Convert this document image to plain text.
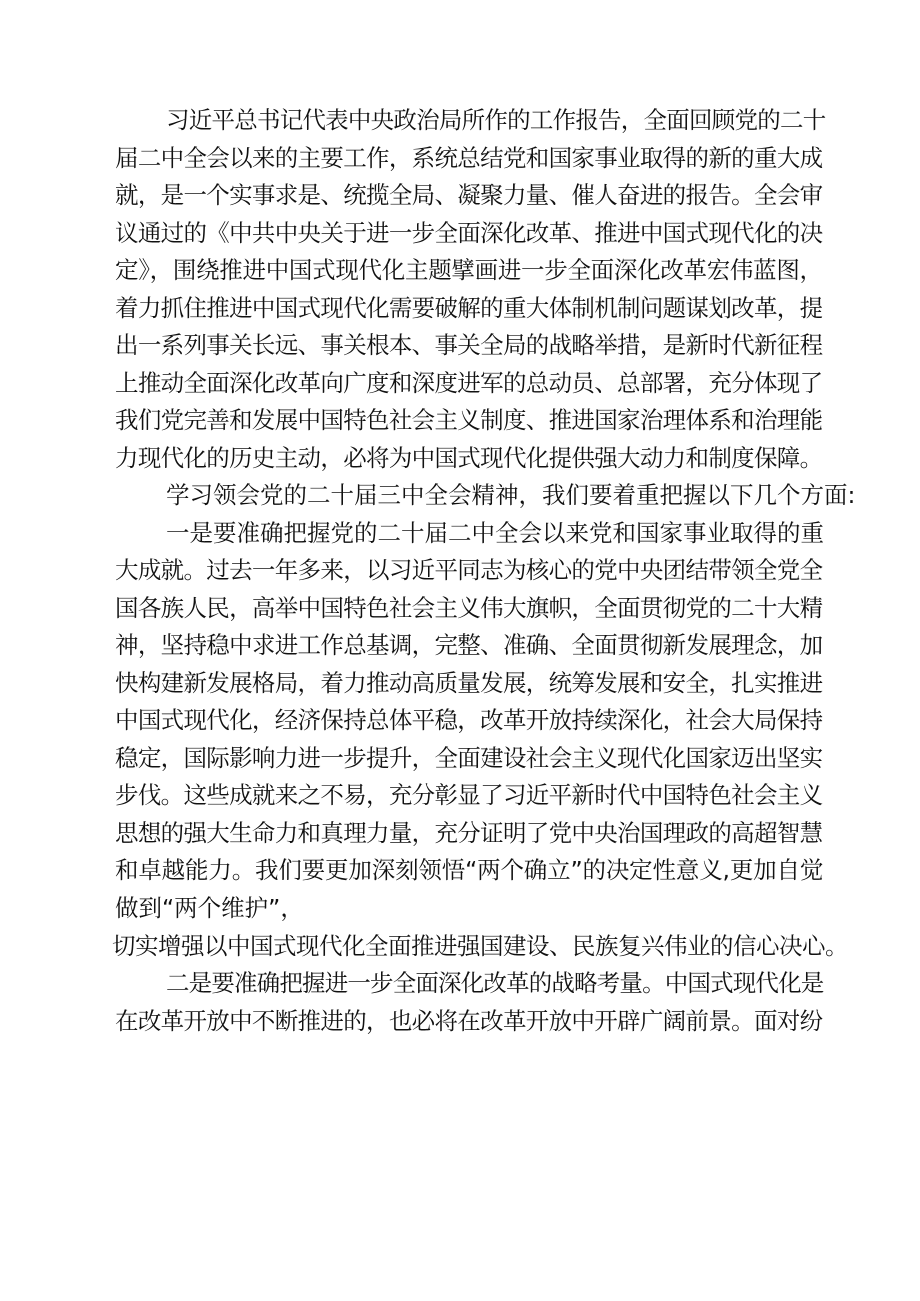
习近平总书记代表中央政治局所作的工作报告，全面回顾党的二十
届二中全会以来的主要工作，系统总结党和国家事业取得的新的重大成
就，是一个实事求是、统揽全局、凝聚力量、催人奋进的报告。全会审
议通过的《中共中央关于进一步全面深化改革、推进中国式现代化的决
定》，围绕推进中国式现代化主题擘画进一步全面深化改革宏伟蓝图，
着力抓住推进中国式现代化需要破解的重大体制机制问题谋划改革，提
出一系列事关长远、事关根本、事关全局的战略举措，是新时代新征程
上推动全面深化改革向广度和深度进军的总动员、总部署，充分体现了
我们党完善和发展中国特色社会主义制度、推进国家治理体系和治理能
力现代化的历史主动，必将为中国式现代化提供强大动力和制度保障。
学习领会党的二十届三中全会精神，我们要着重把握以下几个方面:
一是要准确把握党的二十届二中全会以来党和国家事业取得的重
大成就。过去一年多来，以习近平同志为核心的党中央团结带领全党全
国各族人民，高举中国特色社会主义伟大旗帜，全面贯彻党的二十大精
神，坚持稳中求进工作总基调，完整、准确、全面贯彻新发展理念，加
快构建新发展格局，着力推动高质量发展，统筹发展和安全，扎实推进
中国式现代化，经济保持总体平稳，改革开放持续深化，社会大局保持
稳定，国际影响力进一步提升，全面建设社会主义现代化国家迈出坚实
步伐。这些成就来之不易，充分彰显了习近平新时代中国特色社会主义
思想的强大生命力和真理力量，充分证明了党中央治国理政的高超智慧
和卓越能力。我们要更加深刻领悟“两个确立”的决定性意义,更加自觉
做到“两个维护”，
切实增强以中国式现代化全面推进强国建设、民族复兴伟业的信心决心。
二是要准确把握进一步全面深化改革的战略考量。中国式现代化是
在改革开放中不断推进的，也必将在改革开放中开辟广阔前景。面对纷
